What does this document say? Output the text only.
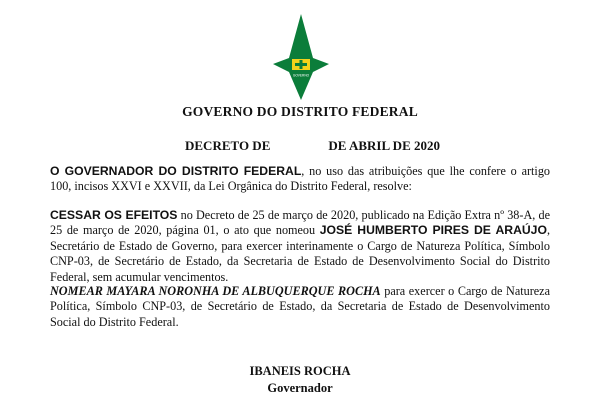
GOVERNO
GOVERNO DO DISTRITO FEDERAL
DECRETO DE	DE ABRIL DE 2020
O GOVERNADOR DO DISTRITO FEDERAL, no uso das atribuições que lhe confere o artigo 100, incisos XXVI e XXVII, da Lei Orgânica do Distrito Federal, resolve:
CESSAR OS EFEITOS no Decreto de 25 de março de 2020, publicado na Edição Extra nº 38-A, de 25 de março de 2020, página 01, o ato que nomeou JOSÉ HUMBERTO PIRES DE ARAÚJO, Secretário de Estado de Governo, para exercer interinamente o Cargo de Natureza Política, Símbolo CNP-03, de Secretário de Estado, da Secretaria de Estado de Desenvolvimento Social do Distrito Federal, sem acumular vencimentos.
NOMEAR MAYARA NORONHA DE ALBUQUERQUE ROCHA para exercer o Cargo de Natureza Política, Símbolo CNP-03, de Secretário de Estado, da Secretaria de Estado de Desenvolvimento Social do Distrito Federal.
IBANEIS ROCHA
Governador
